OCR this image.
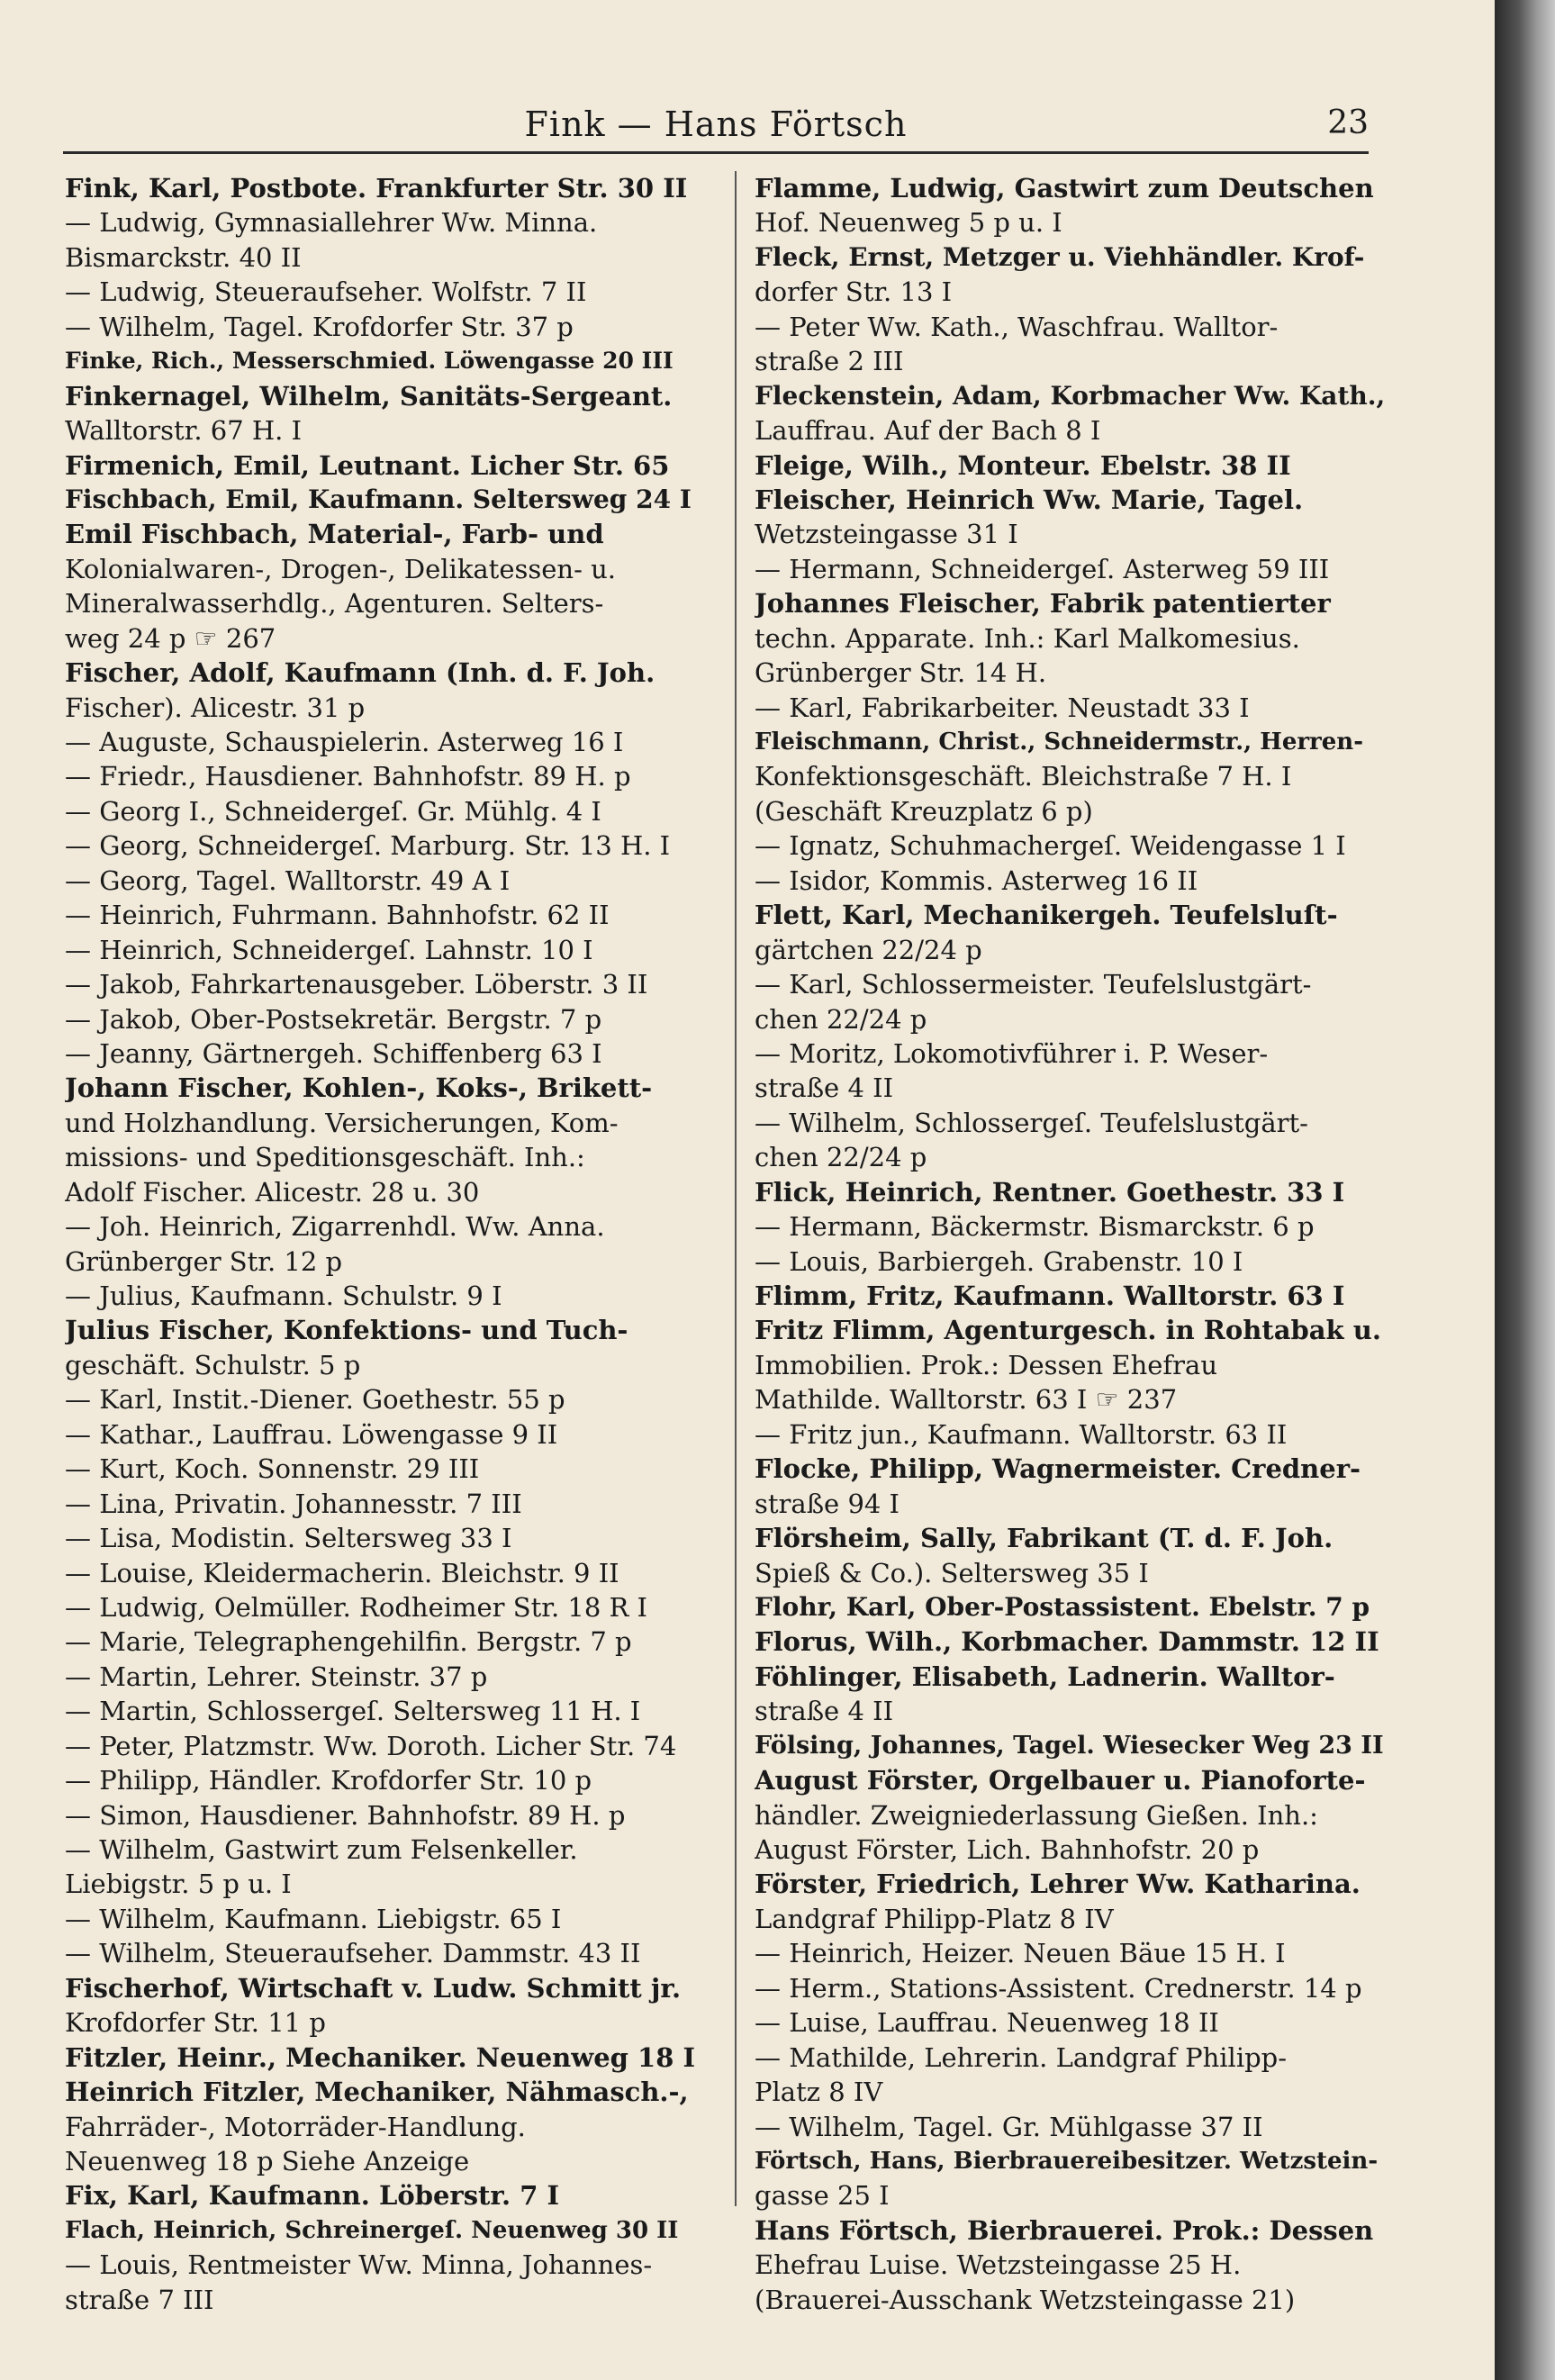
Fink — Hans Förtsch	23
Fink, Karl, Postbote. Frankfurter Str. 30 II
— Ludwig, Gymnasiallehrer Ww. Minna.
Bismarckstr. 40 II
— Ludwig, Steueraufseher. Wolfstr. 7 II
— Wilhelm, Tagel. Krofdorfer Str. 37 p
Finke, Rich., Messerschmied. Löwengasse 20 III
Finkernagel, Wilhelm, Sanitäts-Sergeant.
Walltorstr. 67 H. I
Firmenich, Emil, Leutnant. Licher Str. 65
Fischbach, Emil, Kaufmann. Seltersweg 24 I
Emil Fischbach, Material-, Farb- und
Kolonialwaren-, Drogen-, Delikatessen- u.
Mineralwasserhdlg., Agenturen. Selters-
weg 24 p ☞ 267
Fischer, Adolf, Kaufmann (Inh. d. F. Joh.
Fischer). Alicestr. 31 p
— Auguste, Schauspielerin. Asterweg 16 I
— Friedr., Hausdiener. Bahnhofstr. 89 H. p
— Georg I., Schneidergeſ. Gr. Mühlg. 4 I
— Georg, Schneidergeſ. Marburg. Str. 13 H. I
— Georg, Tagel. Walltorstr. 49 A I
— Heinrich, Fuhrmann. Bahnhofstr. 62 II
— Heinrich, Schneidergeſ. Lahnstr. 10 I
— Jakob, Fahrkartenausgeber. Löberstr. 3 II
— Jakob, Ober-Postsekretär. Bergstr. 7 p
— Jeanny, Gärtnergeh. Schiffenberg 63 I
Johann Fischer, Kohlen-, Koks-, Brikett-
und Holzhandlung. Versicherungen, Kom-
missions- und Speditionsgeschäft. Inh.:
Adolf Fischer. Alicestr. 28 u. 30
— Joh. Heinrich, Zigarrenhdl. Ww. Anna.
Grünberger Str. 12 p
— Julius, Kaufmann. Schulstr. 9 I
Julius Fischer, Konfektions- und Tuch-
geschäft. Schulstr. 5 p
— Karl, Instit.-Diener. Goethestr. 55 p
— Kathar., Lauffrau. Löwengasse 9 II
— Kurt, Koch. Sonnenstr. 29 III
— Lina, Privatin. Johannesstr. 7 III
— Lisa, Modistin. Seltersweg 33 I
— Louise, Kleidermacherin. Bleichstr. 9 II
— Ludwig, Oelmüller. Rodheimer Str. 18 R I
— Marie, Telegraphengehilfin. Bergstr. 7 p
— Martin, Lehrer. Steinstr. 37 p
— Martin, Schlossergeſ. Seltersweg 11 H. I
— Peter, Platzmstr. Ww. Doroth. Licher Str. 74
— Philipp, Händler. Krofdorfer Str. 10 p
— Simon, Hausdiener. Bahnhofstr. 89 H. p
— Wilhelm, Gastwirt zum Felsenkeller.
Liebigstr. 5 p u. I
— Wilhelm, Kaufmann. Liebigstr. 65 I
— Wilhelm, Steueraufseher. Dammstr. 43 II
Fischerhof, Wirtschaft v. Ludw. Schmitt jr.
Krofdorfer Str. 11 p
Fitzler, Heinr., Mechaniker. Neuenweg 18 I
Heinrich Fitzler, Mechaniker, Nähmasch.-,
Fahrräder-, Motorräder-Handlung.
Neuenweg 18 p Siehe Anzeige
Fix, Karl, Kaufmann. Löberstr. 7 I
Flach, Heinrich, Schreinergeſ. Neuenweg 30 II
— Louis, Rentmeister Ww. Minna, Johannes-
straße 7 III
Flamme, Ludwig, Gastwirt zum Deutschen
Hof. Neuenweg 5 p u. I
Fleck, Ernst, Metzger u. Viehhändler. Krof-
dorfer Str. 13 I
— Peter Ww. Kath., Waschfrau. Walltor-
straße 2 III
Fleckenstein, Adam, Korbmacher Ww. Kath.,
Lauffrau. Auf der Bach 8 I
Fleige, Wilh., Monteur. Ebelstr. 38 II
Fleischer, Heinrich Ww. Marie, Tagel.
Wetzsteingasse 31 I
— Hermann, Schneidergeſ. Asterweg 59 III
Johannes Fleischer, Fabrik patentierter
techn. Apparate. Inh.: Karl Malkomesius.
Grünberger Str. 14 H.
— Karl, Fabrikarbeiter. Neustadt 33 I
Fleischmann, Christ., Schneidermstr., Herren-
Konfektionsgeschäft. Bleichstraße 7 H. I
(Geschäft Kreuzplatz 6 p)
— Ignatz, Schuhmachergeſ. Weidengasse 1 I
— Isidor, Kommis. Asterweg 16 II
Flett, Karl, Mechanikergeh. Teufelsluſt-
gärtchen 22/24 p
— Karl, Schlossermeister. Teufelslustgärt-
chen 22/24 p
— Moritz, Lokomotivführer i. P. Weser-
straße 4 II
— Wilhelm, Schlossergeſ. Teufelslustgärt-
chen 22/24 p
Flick, Heinrich, Rentner. Goethestr. 33 I
— Hermann, Bäckermstr. Bismarckstr. 6 p
— Louis, Barbiergeh. Grabenstr. 10 I
Flimm, Fritz, Kaufmann. Walltorstr. 63 I
Fritz Flimm, Agenturgesch. in Rohtabak u.
Immobilien. Prok.: Dessen Ehefrau
Mathilde. Walltorstr. 63 I ☞ 237
— Fritz jun., Kaufmann. Walltorstr. 63 II
Flocke, Philipp, Wagnermeister. Credner-
straße 94 I
Flörsheim, Sally, Fabrikant (T. d. F. Joh.
Spieß & Co.). Seltersweg 35 I
Flohr, Karl, Ober-Postassistent. Ebelstr. 7 p
Florus, Wilh., Korbmacher. Dammstr. 12 II
Föhlinger, Elisabeth, Ladnerin. Walltor-
straße 4 II
Fölsing, Johannes, Tagel. Wiesecker Weg 23 II
August Förster, Orgelbauer u. Pianoforte-
händler. Zweigniederlassung Gießen. Inh.:
August Förster, Lich. Bahnhofstr. 20 p
Förster, Friedrich, Lehrer Ww. Katharina.
Landgraf Philipp-Platz 8 IV
— Heinrich, Heizer. Neuen Bäue 15 H. I
— Herm., Stations-Assistent. Crednerstr. 14 p
— Luise, Lauffrau. Neuenweg 18 II
— Mathilde, Lehrerin. Landgraf Philipp-
Platz 8 IV
— Wilhelm, Tagel. Gr. Mühlgasse 37 II
Förtsch, Hans, Bierbrauereibesitzer. Wetzstein-
gasse 25 I
Hans Förtsch, Bierbrauerei. Prok.: Dessen
Ehefrau Luise. Wetzsteingasse 25 H.
(Brauerei-Ausschank Wetzsteingasse 21)
